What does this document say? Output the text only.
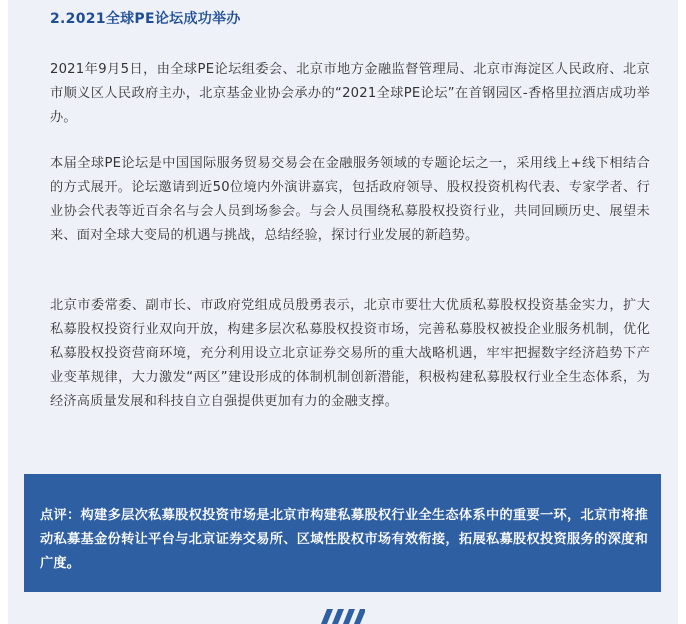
2.2021全球PE论坛成功举办

2021年9月5日，由全球PE论坛组委会、北京市地方金融监督管理局、北京市海淀区人民政府、北京市顺义区人民政府主办，北京基金业协会承办的“2021全球PE论坛”在首钢园区-香格里拉酒店成功举办。

本届全球PE论坛是中国国际服务贸易交易会在金融服务领域的专题论坛之一，采用线上+线下相结合的方式展开。论坛邀请到近50位境内外演讲嘉宾，包括政府领导、股权投资机构代表、专家学者、行业协会代表等近百余名与会人员到场参会。与会人员围绕私募股权投资行业，共同回顾历史、展望未来、面对全球大变局的机遇与挑战，总结经验，探讨行业发展的新趋势。

北京市委常委、副市长、市政府党组成员殷勇表示，北京市要壮大优质私募股权投资基金实力，扩大私募股权投资行业双向开放，构建多层次私募股权投资市场，完善私募股权被投企业服务机制，优化私募股权投资营商环境，充分利用设立北京证券交易所的重大战略机遇，牢牢把握数字经济趋势下产业变革规律，大力激发“两区”建设形成的体制机制创新潜能，积极构建私募股权行业全生态体系，为经济高质量发展和科技自立自强提供更加有力的金融支撑。

点评：构建多层次私募股权投资市场是北京市构建私募股权行业全生态体系中的重要一环，北京市将推动私募基金份转让平台与北京证券交易所、区域性股权市场有效衔接，拓展私募股权投资服务的深度和广度。
